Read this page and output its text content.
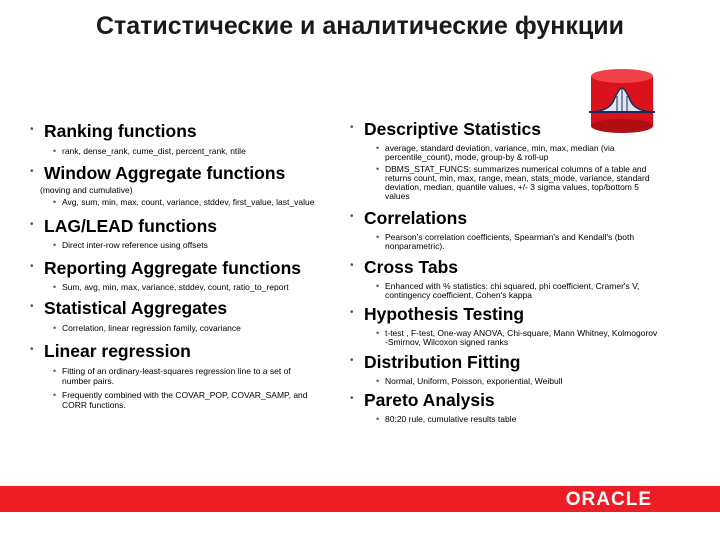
Статистические и аналитические функции
• Ranking functions
• rank, dense_rank, cume_dist, percent_rank, ntile
• Window Aggregate functions
(moving and cumulative)
• Avg, sum, min, max, count, variance, stddev, first_value, last_value
• LAG/LEAD functions
• Direct inter-row reference using offsets
• Reporting Aggregate functions
• Sum, avg, min, max, variance, stddev, count, ratio_to_report
• Statistical Aggregates
• Correlation, linear regression family, covariance
• Linear regression
• Fitting of an ordinary-least-squares regression line to a set of
number pairs.
• Frequently combined with the COVAR_POP, COVAR_SAMP, and
CORR functions.
• Descriptive Statistics
• average, standard deviation, variance, min, max, median (via
percentile_count), mode, group-by & roll-up
• DBMS_STAT_FUNCS: summarizes numerical columns of a table and
returns count, min, max, range, mean, stats_mode, variance, standard
deviation, median, quantile values, +/- 3 sigma values, top/bottom 5
values
• Correlations
• Pearson’s correlation coefficients, Spearman's and Kendall's (both
nonparametric).
• Cross Tabs
• Enhanced with % statistics: chi squared, phi coefficient, Cramer's V,
contingency coefficient, Cohen's kappa
• Hypothesis Testing
• t-test , F-test, One-way ANOVA, Chi-square, Mann Whitney, Kolmogorov
-Smirnov, Wilcoxon signed ranks
• Distribution Fitting
• Normal, Uniform, Poisson, exponential, Weibull
• Pareto Analysis
• 80:20 rule, cumulative results table
ORACLE
